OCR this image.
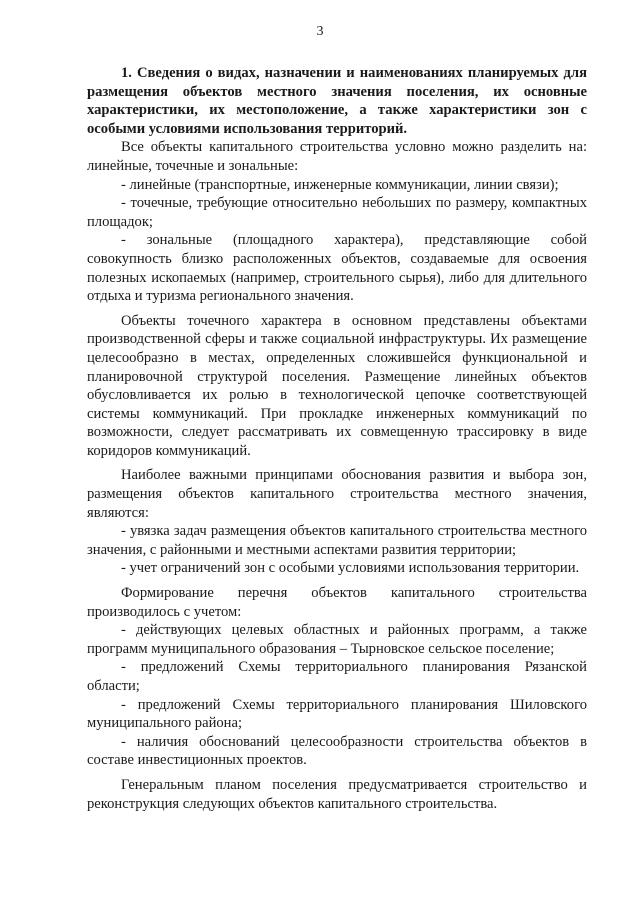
3

1. Сведения о видах, назначении и наименованиях планируемых для размещения объектов местного значения поселения, их основные характеристики, их местоположение, а также характеристики зон с особыми условиями использования территорий.

Все объекты капитального строительства условно можно разделить на: линейные, точечные и зональные:

- линейные (транспортные, инженерные коммуникации, линии связи);

- точечные, требующие относительно небольших по размеру, компактных площадок;

- зональные (площадного характера), представляющие собой совокупность близко расположенных объектов, создаваемые для освоения полезных ископаемых (например, строительного сырья), либо для длительного отдыха и туризма регионального значения.

Объекты точечного характера в основном представлены объектами производственной сферы и также социальной инфраструктуры. Их размещение целесообразно в местах, определенных сложившейся функциональной и планировочной структурой поселения. Размещение линейных объектов обусловливается их ролью в технологической цепочке соответствующей системы коммуникаций. При прокладке инженерных коммуникаций по возможности, следует рассматривать их совмещенную трассировку в виде коридоров коммуникаций.

Наиболее важными принципами обоснования развития и выбора зон, размещения объектов капитального строительства местного значения, являются:

- увязка задач размещения объектов капитального строительства местного значения, с районными и местными аспектами развития территории;

- учет ограничений зон с особыми условиями использования территории.

Формирование перечня объектов капитального строительства производилось с учетом:

- действующих целевых областных и районных программ, а также программ муниципального образования – Тырновское сельское поселение;

- предложений Схемы территориального планирования Рязанской области;

- предложений Схемы территориального планирования Шиловского муниципального района;

- наличия обоснований целесообразности строительства объектов в составе инвестиционных проектов.

Генеральным планом поселения предусматривается строительство и реконструкция следующих объектов капитального строительства.
